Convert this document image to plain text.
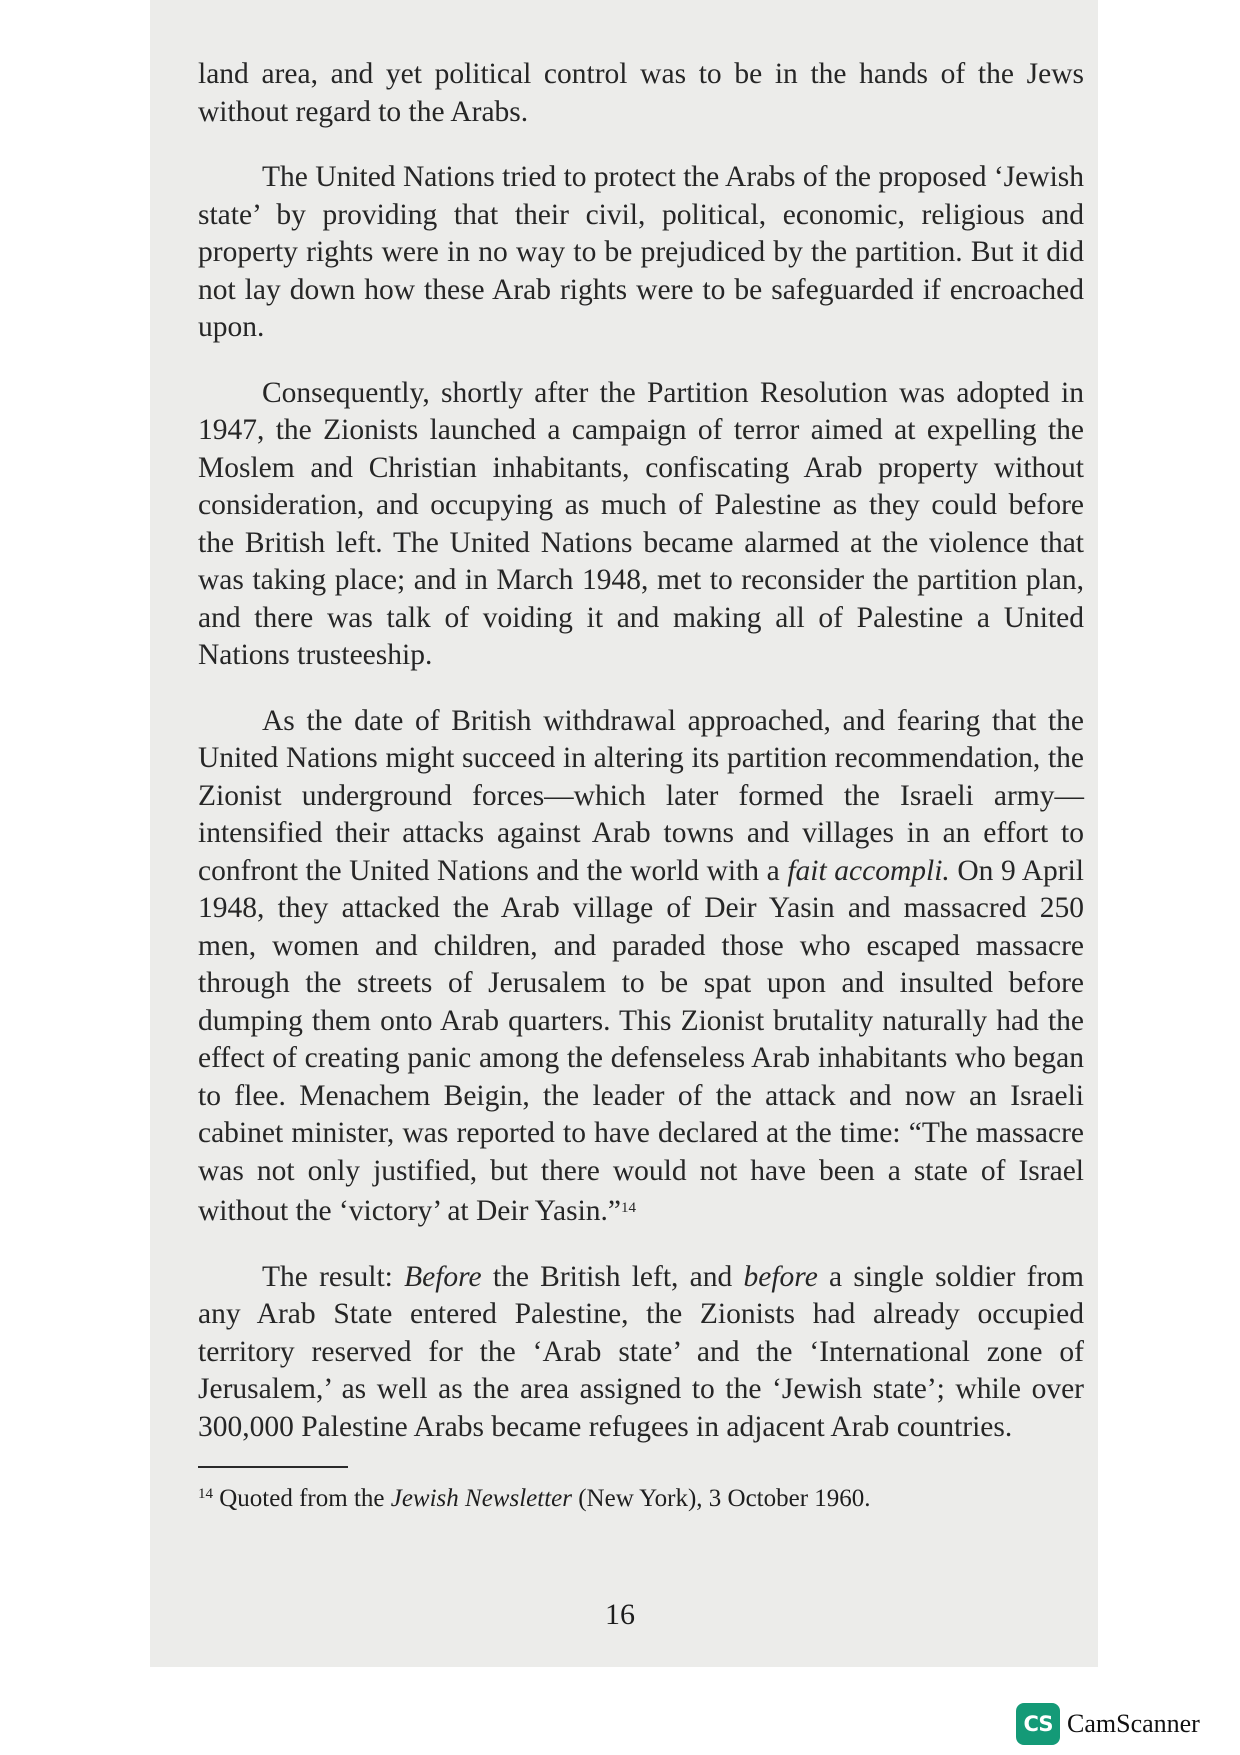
land area, and yet political control was to be in the hands of the Jews without regard to the Arabs.

The United Nations tried to protect the Arabs of the proposed ‘Jewish state’ by providing that their civil, political, economic, religious and property rights were in no way to be prejudiced by the partition. But it did not lay down how these Arab rights were to be safeguarded if encroached upon.

Consequently, shortly after the Partition Resolution was adopted in 1947, the Zionists launched a campaign of terror aimed at expelling the Moslem and Christian inhabitants, confiscating Arab property without consideration, and occupying as much of Palestine as they could before the British left. The United Nations became alarmed at the violence that was taking place; and in March 1948, met to reconsider the partition plan, and there was talk of voiding it and making all of Palestine a United Nations trusteeship.

As the date of British withdrawal approached, and fearing that the United Nations might succeed in altering its partition recommendation, the Zionist underground forces—which later formed the Israeli army—intensified their attacks against Arab towns and villages in an effort to confront the United Nations and the world with a fait accompli. On 9 April 1948, they attacked the Arab village of Deir Yasin and massacred 250 men, women and children, and paraded those who escaped massacre through the streets of Jerusalem to be spat upon and insulted before dumping them onto Arab quarters. This Zionist brutality naturally had the effect of creating panic among the defenseless Arab inhabitants who began to flee. Menachem Beigin, the leader of the attack and now an Israeli cabinet minister, was reported to have declared at the time: “The massacre was not only justified, but there would not have been a state of Israel without the ‘victory’ at Deir Yasin.”$^{14}$

The result: Before the British left, and before a single soldier from any Arab State entered Palestine, the Zionists had already occupied territory reserved for the ‘Arab state’ and the ‘International zone of Jerusalem,’ as well as the area assigned to the ‘Jewish state’; while over 300,000 Palestine Arabs became refugees in adjacent Arab countries.

$^{14}$ Quoted from the Jewish Newsletter (New York), 3 October 1960.

16
CS CamScanner
